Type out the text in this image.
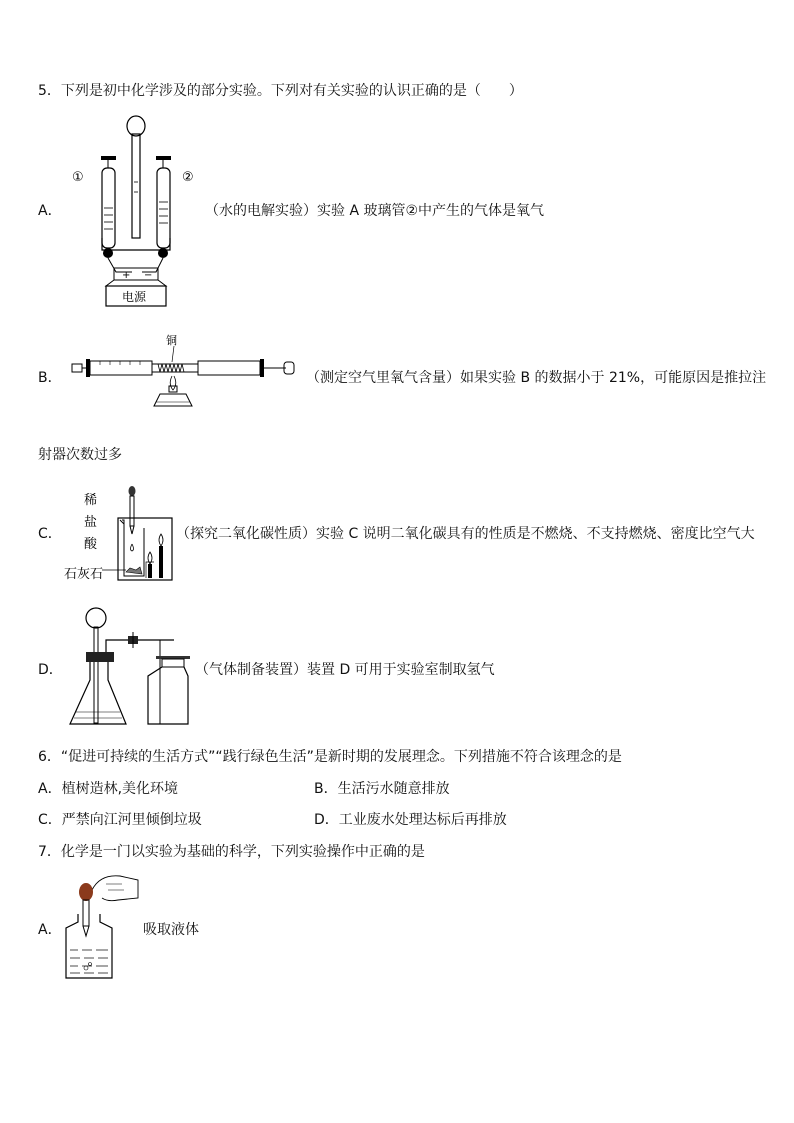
5．下列是初中化学涉及的部分实验。下列对有关实验的认识正确的是（　　）
A．
+ −
电源
①	②
（水的电解实验）实验 A 玻璃管②中产生的气体是氧气
B．
铜
（测定空气里氧气含量）如果实验 B 的数据小于 21%，可能原因是推拉注
射器次数过多
C．
稀
盐
酸
石灰石
（探究二氧化碳性质）实验 C 说明二氧化碳具有的性质是不燃烧、不支持燃烧、密度比空气大
D．	（气体制备装置）装置 D 可用于实验室制取氢气
6．“促进可持续的生活方式”“践行绿色生活”是新时期的发展理念。下列措施不符合该理念的是
A．植树造林,美化环境	B．生活污水随意排放
C．严禁向江河里倾倒垃圾	D．工业废水处理达标后再排放
7．化学是一门以实验为基础的科学，下列实验操作中正确的是
A．	吸取液体
